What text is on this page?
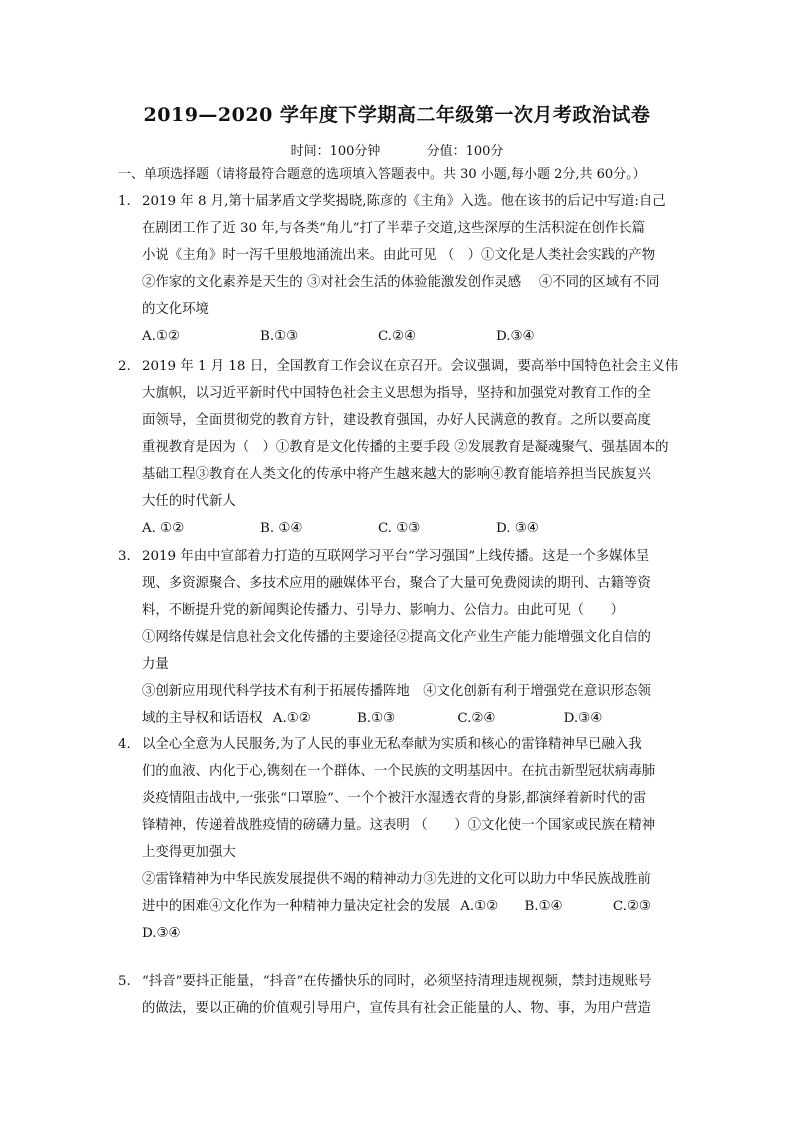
2019—2020 学年度下学期高二年级第一次月考政治试卷
时间：100分钟	分值：100分
一、单项选择题（请将最符合题意的选项填入答题表中。共 30 小题,每小题 2分,共 60分。）
1. 2019 年 8 月,第十届茅盾文学奖揭晓,陈彦的《主角》入选。他在该书的后记中写道:自己

在剧团工作了近 30 年,与各类“角儿”打了半辈子交道,这些深厚的生活积淀在创作长篇

小说《主角》时一泻千里般地涌流出来。由此可见 （　）①文化是人类社会实践的产物

②作家的文化素养是天生的 ③对社会生活的体验能激发创作灵感　 ④不同的区域有不同

的文化环境

A.①②	B.①③	C.②④	D.③④
2. 2019 年 1 月 18 日，全国教育工作会议在京召开。会议强调，要高举中国特色社会主义伟

大旗帜，以习近平新时代中国特色社会主义思想为指导，坚持和加强党对教育工作的全

面领导，全面贯彻党的教育方针，建设教育强国，办好人民满意的教育。之所以要高度

重视教育是因为（　）①教育是文化传播的主要手段 ②发展教育是凝魂聚气、强基固本的

基础工程③教育在人类文化的传承中将产生越来越大的影响④教育能培养担当民族复兴

大任的时代新人

A. ①②	B. ①④	C. ①③	D. ③④
3. 2019 年由中宣部着力打造的互联网学习平台“学习强国”上线传播。这是一个多媒体呈

现、多资源聚合、多技术应用的融媒体平台，聚合了大量可免费阅读的期刊、古籍等资

料，不断提升党的新闻舆论传播力、引导力、影响力、公信力。由此可见（　　）

①网络传媒是信息社会文化传播的主要途径②提高文化产业生产能力能增强文化自信的

力量

③创新应用现代科学技术有利于拓展传播阵地　④文化创新有利于增强党在意识形态领

域的主导权和话语权 A.①②	B.①③	C.②④	D.③④

4. 以全心全意为人民服务,为了人民的事业无私奉献为实质和核心的雷锋精神早已融入我

们的血液、内化于心,镌刻在一个群体、一个民族的文明基因中。在抗击新型冠状病毒肺

炎疫情阻击战中,一张张“口罩脸”、一个个被汗水湿透衣背的身影,都演绎着新时代的雷

锋精神，传递着战胜疫情的磅礴力量。这表明 （　　）①文化使一个国家或民族在精神

上变得更加强大

②雷锋精神为中华民族发展提供不竭的精神动力③先进的文化可以助力中华民族战胜前

进中的困难④文化作为一种精神力量决定社会的发展 A.①② B.①④	C.②③

D.③④

5. “抖音”要抖正能量，“抖音”在传播快乐的同时，必须坚持清理违规视频，禁封违规账号

的做法，要以正确的价值观引导用户，宣传具有社会正能量的人、物、事，为用户营造
